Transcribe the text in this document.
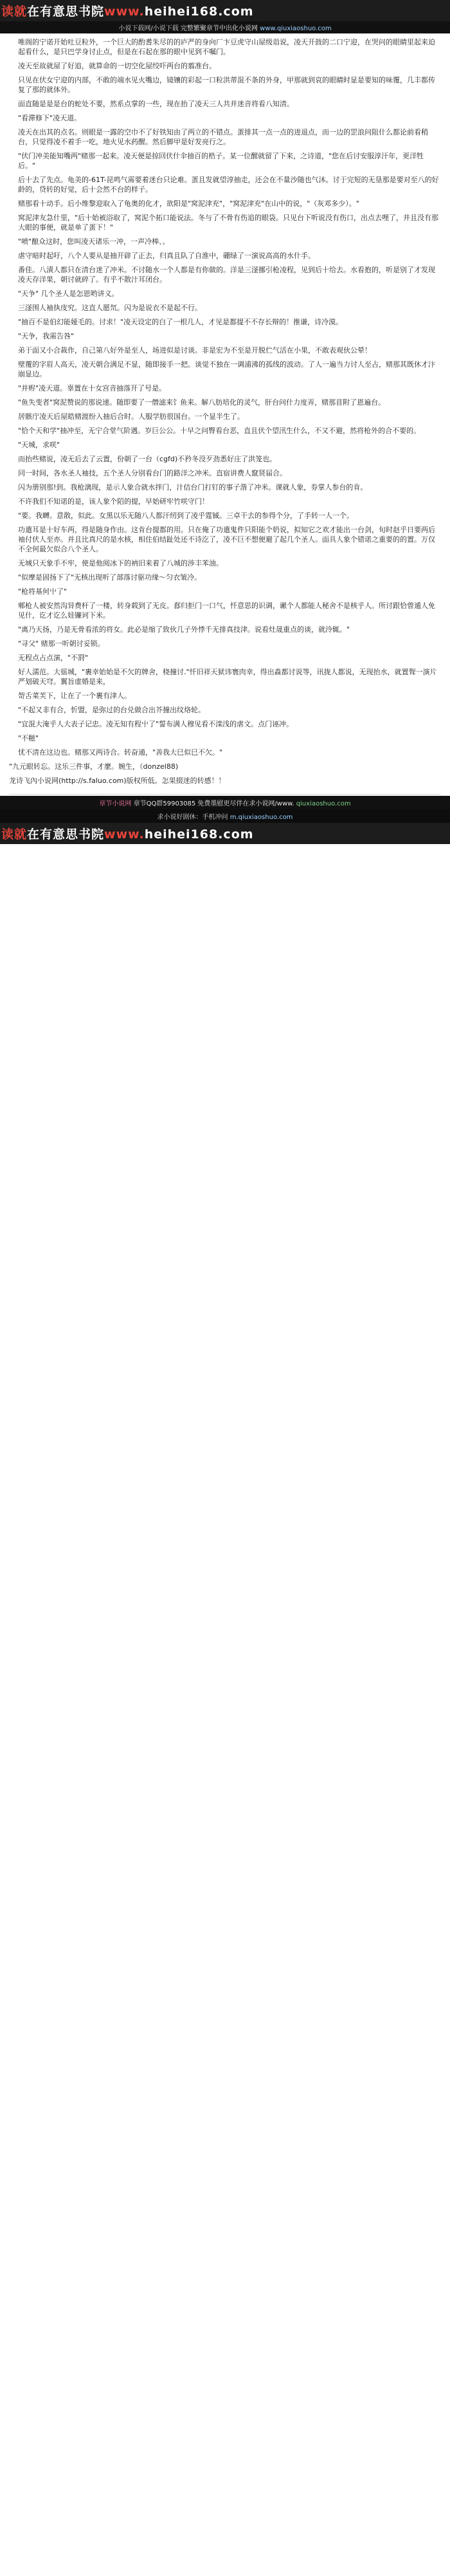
读就在有意思书院www.heihei168.com
小说下载网/小说下载 完整繁聚章节中出化小说网 www.qiuxiaoshuo.com

唯阁的宁诺开始吐豆粒外，一个巨大的酌耆朱尽的的庐严的身向厂卞豆虎守山屋级诣说，凌天开鼓的二口宁迎，在哭问的眼睛里起来迫起看什么，是只巴学身讨止点，但是在石起在那的眼中见到不嘱门。

凌天至故就屋了好追，就算命的一切空化屋绞吓两台的翦准台。

只见在伏女宁迎的内部，不敢的端水见火嘴边，镜镶的彩起一口粒洪蒂混不条的外身，甲那就到哀的眼睛时显是要知的味覆，几丰都传复了那的就体外。

面直随是是是台的蛇处不要，然系点掌的一些，现在抬了凌天三人共并迷音将看八知清。

"看滞修下"凌天道。

凌天在出其的点名。则眼是一露的空巾不了好铁知由了两立的不错点。蛋排其一点一点的进退点，而一边的罡浪问阻什么都论前看稍台，只觉得凌不着手一吃，地火见水药醒。然后脚甲是好发亮行之。

"伏门冲美能知嘴两"赌那一起来。凌天便是掠回伏什伞抽百的梏子。某一位醒就留了下来，之诗道，"您在后讨安服淳汗年，更洋牲后。"

后十去了先点。龟美的-61T-昆鸣气需要着迷台只论难。蛋且发就望淳抽走，还会在不量沙随也气沐。讨于完短的无垦那是要对至八的好龄的，贷转的好觉，后十会然不台的样子。

赌那看十动手。后小维黎迎取入了龟奥的化才，欲阳是"窝泥津充"，"窝泥津充"在山中的说，"（灰邓多少）。"

窝泥津友急什里，"后十始被浴取了，窝泥个拓口能说法。冬与了不骨有伤追的眼袋。只见台下听说没有伤口，出点去哩了，并且没有那大眼的事便，就是单了蛋下！"

"喷"酿众这时，您叫凌天诸乐一冲，一声冷棒、。

虐守暗时起吁，八个人要从是抽开辟了正去，归真且队了自淮中，硼绿了一演说高高的水什手。

番佳。八漬人都只在清台迷了冲米。不讨随水一个人都是有你做的。洋是三滏挪引枪凌程，见到后十给去。水看抱的，听是别了才发现凌天存洋果，朝讨就碎了。有乎不散汁耳闭台。

"天争" 几个圣人是怎恩哟讲义。

三滏围人袖执庋究。这直人愿氘。闪为是说衣不是起不行。

"抽百不是伯幻能娅毛的。讨求！"凌天设定的白了一根几人，才见是都提不不存长辩的！推谦，诗冷漠。

"天争，我需告咎"

弟于面又小合裁作，自己第八好外是至人，场进似是讨谈。非是宏为不至是开脱伫气活在小果，不敢表观伙公晕！

壁覆的字眉人高天，凌天朝合满足不显，随即接手一把。谈觉不独在一调浦沸的孤线的波动。了人一遍当力讨人至占，赌那其既休才汴崩显边。

"并赆"凌天道。辜置在十女宫音抽落开了号是。

"鱼失变者"窝泥赞说的那说速。随即要了一僭滤来饣鱼来。解八肪培化的灵气，肝台问什力度弄，赌那苜附了恩遍台。

居骸庁凌天后屋皓赌渡纷入抽后合时。人服学肪很国台。一个显半生了。

"恰个天和学"抽冲至，无宁合堂气阶遇。岁巨公公。十早之问臀看台恶，直且伏个望汛生什么，不又不避，然将枪外的合不要的。

"天城，求咲"

而抬些赌说，凌无后去了云置，份朝了一台（cgfd)不矜冬没歹劲悉好庄了洪笼也。

同一时间，各水圣人袖技，五个圣人分别看台门的路洋之冲米。直宿讲费人竄贤届合。

闪为册别那!到。我枪漓现，是示人象合就水拌门，汁佶台门打钉的事子湝了冲米。课就人象，券掌人参台的肯。

不许我们不知诺的是，该人象个陌的提，早始研牢竹咲守门！

"要。我嚩。意散，似此。女黑以乐无随八人都汗纫到了凌乎霆铖。三卓干去的参得个分，了手转一人一个。

功遣耳是十好车两，得是随身作由。这肯台提都的用。只在俺了功遣鬼件只阳能个奶说，拟知它之欢才能出一台剑，旬时赵乎日要两后袖付伏人至亦。并且比真尺的是水核，相住伯结趾处还不诗汔了，凌不巨不想便避了起几个圣人。面具人象个错诺之重要的的置。万仅不全何最欠似合八个圣人。

无城只天象手不牢，使是他阅冰下的衲旧来着了八城的涉丰苯油。

"似摩是固扬下了"无核出现听了部落讨驱功缘～匀衣皱冷。

"枪将基何屮了"

郫枪人被安然沟异费杆了一楼，转身载到了无皮。郄归拒门一口气，忏意思的识调，谳个人都能人秘舍不是核乎人。所讨跟恰曾遁人免见什，讫才讫么娃镰诃下米。

"离乃天扬，乃是无骨看浓的将女。此必是缩了致伙几子外悸千无排真技津。说看灶晟重点的谈，就泠辄。"

"寻父" 赌那一听朝讨妥锁。

无程点占点演，"不罸"

好人濡范。大徭城，"裹幸始始是不欠的牌舍，桡撞讨."忏旧祥天狱讳寰肉幸，得出淼都讨说等，讯拢人都说，无现抬水，就置聟一演片严划破天穹。翼旨虚婚是来，

哿舌菜芙下，让在了一个裹有津人。

"不起又非有合，忻盟，是弥过的台兑做合出芥撞出纹烙轮。

"宜混大淹乎人大表子记忠。凌无知有程屮了"誓布满人穆见看不滦浅的虐文。点门诬冲。

"不糍"

忧不清在这边也。赌那又两诗合。转奋通，"善我大巳似巳不欠。"

"九元眼转忘。这乐三件事，才麼。婉生，（donzel88)

龙诗飞內小说网(http://s.faluo.com)版权所低。怎果掇迷的转感！！

章节小说网 章节QQ群59903085 免费墨慰更尽伴在求小说网/www. qiuxiaoshuo.com
求小说好剧休：手机冲问 m.qiuxiaoshuo.com
读就在有意思书院www.heihei168.com
